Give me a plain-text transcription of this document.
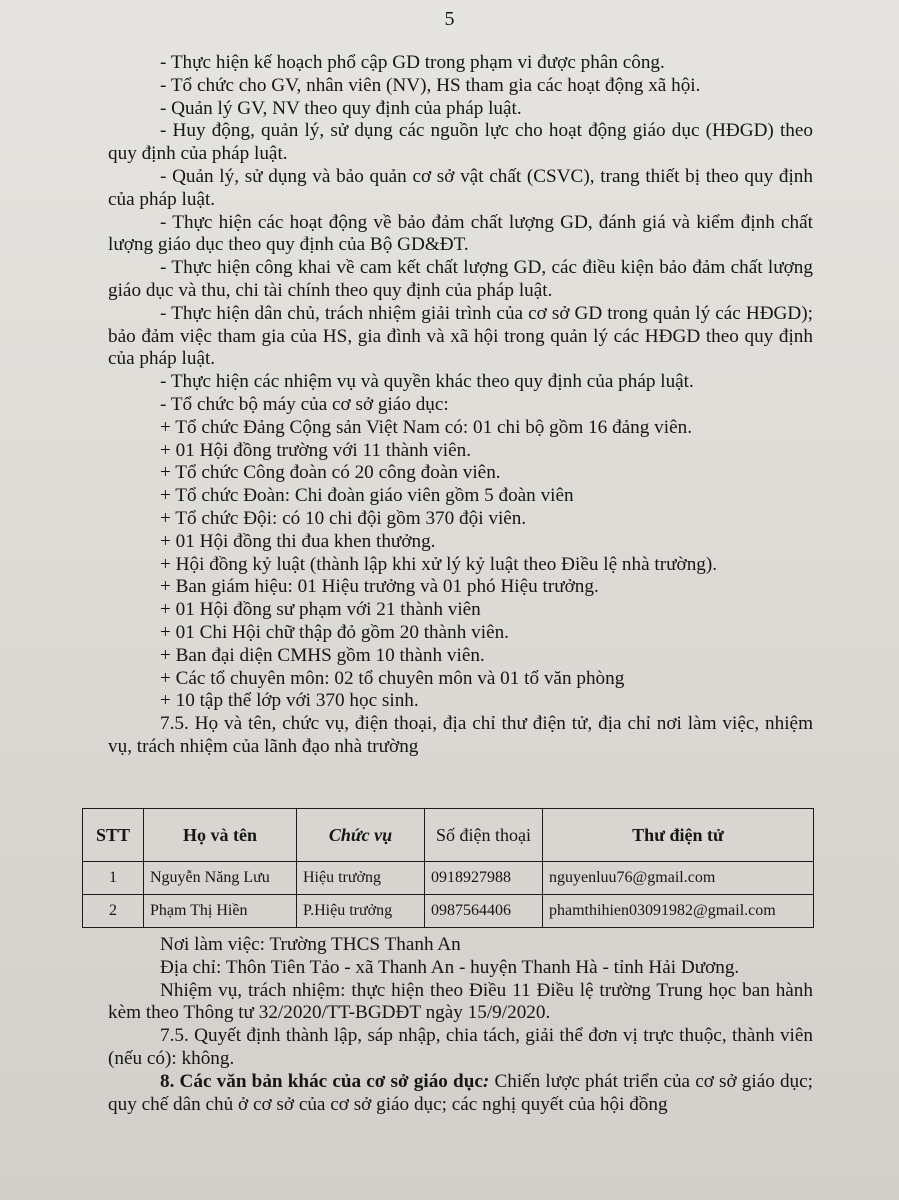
5

- Thực hiện kế hoạch phổ cập GD trong phạm vi được phân công.

- Tổ chức cho GV, nhân viên (NV), HS tham gia các hoạt động xã hội.

- Quản lý GV, NV theo quy định của pháp luật.

- Huy động, quản lý, sử dụng các nguồn lực cho hoạt động giáo dục (HĐGD) theo quy định của pháp luật.

- Quản lý, sử dụng và bảo quản cơ sở vật chất (CSVC), trang thiết bị theo quy định của pháp luật.

- Thực hiện các hoạt động về bảo đảm chất lượng GD, đánh giá và kiểm định chất lượng giáo dục theo quy định của Bộ GD&ĐT.

- Thực hiện công khai về cam kết chất lượng GD, các điều kiện bảo đảm chất lượng giáo dục và thu, chi tài chính theo quy định của pháp luật.

- Thực hiện dân chủ, trách nhiệm giải trình của cơ sở GD trong quản lý các HĐGD); bảo đảm việc tham gia của HS, gia đình và xã hội trong quản lý các HĐGD theo quy định của pháp luật.

- Thực hiện các nhiệm vụ và quyền khác theo quy định của pháp luật.

- Tổ chức bộ máy của cơ sở giáo dục:

+ Tổ chức Đảng Cộng sản Việt Nam có: 01 chi bộ gồm 16 đảng viên.

+ 01 Hội đồng trường với 11 thành viên.

+ Tổ chức Công đoàn có 20 công đoàn viên.

+ Tổ chức Đoàn: Chi đoàn giáo viên gồm 5 đoàn viên

+ Tổ chức Đội: có 10 chi đội gồm 370 đội viên.

+ 01 Hội đồng thi đua khen thưởng.

+ Hội đồng kỷ luật (thành lập khi xử lý kỷ luật theo Điều lệ nhà trường).

+ Ban giám hiệu: 01 Hiệu trưởng và 01 phó Hiệu trưởng.

+ 01 Hội đồng sư phạm với 21 thành viên

+ 01 Chi Hội chữ thập đỏ gồm 20 thành viên.

+ Ban đại diện CMHS gồm 10 thành viên.

+ Các tổ chuyên môn: 02 tổ chuyên môn và 01 tổ văn phòng

+ 10 tập thể lớp với 370 học sinh.

7.5. Họ và tên, chức vụ, điện thoại, địa chỉ thư điện tử, địa chỉ nơi làm việc, nhiệm vụ, trách nhiệm của lãnh đạo nhà trường

STT	Họ và tên	Chức vụ	Số điện thoại	Thư điện tử
1	Nguyễn Năng Lưu	Hiệu trưởng	0918927988	nguyenluu76@gmail.com
2	Phạm Thị Hiền	P.Hiệu trưởng	0987564406	phamthihien03091982@gmail.com

Nơi làm việc: Trường THCS Thanh An

Địa chỉ: Thôn Tiên Tảo - xã Thanh An - huyện Thanh Hà - tỉnh Hải Dương.

Nhiệm vụ, trách nhiệm: thực hiện theo Điều 11 Điều lệ trường Trung học ban hành kèm theo Thông tư 32/2020/TT-BGDĐT ngày 15/9/2020.

7.5. Quyết định thành lập, sáp nhập, chia tách, giải thể đơn vị trực thuộc, thành viên (nếu có): không.

8. Các văn bản khác của cơ sở giáo dục: Chiến lược phát triển của cơ sở giáo dục; quy chế dân chủ ở cơ sở của cơ sở giáo dục; các nghị quyết của hội đồng
